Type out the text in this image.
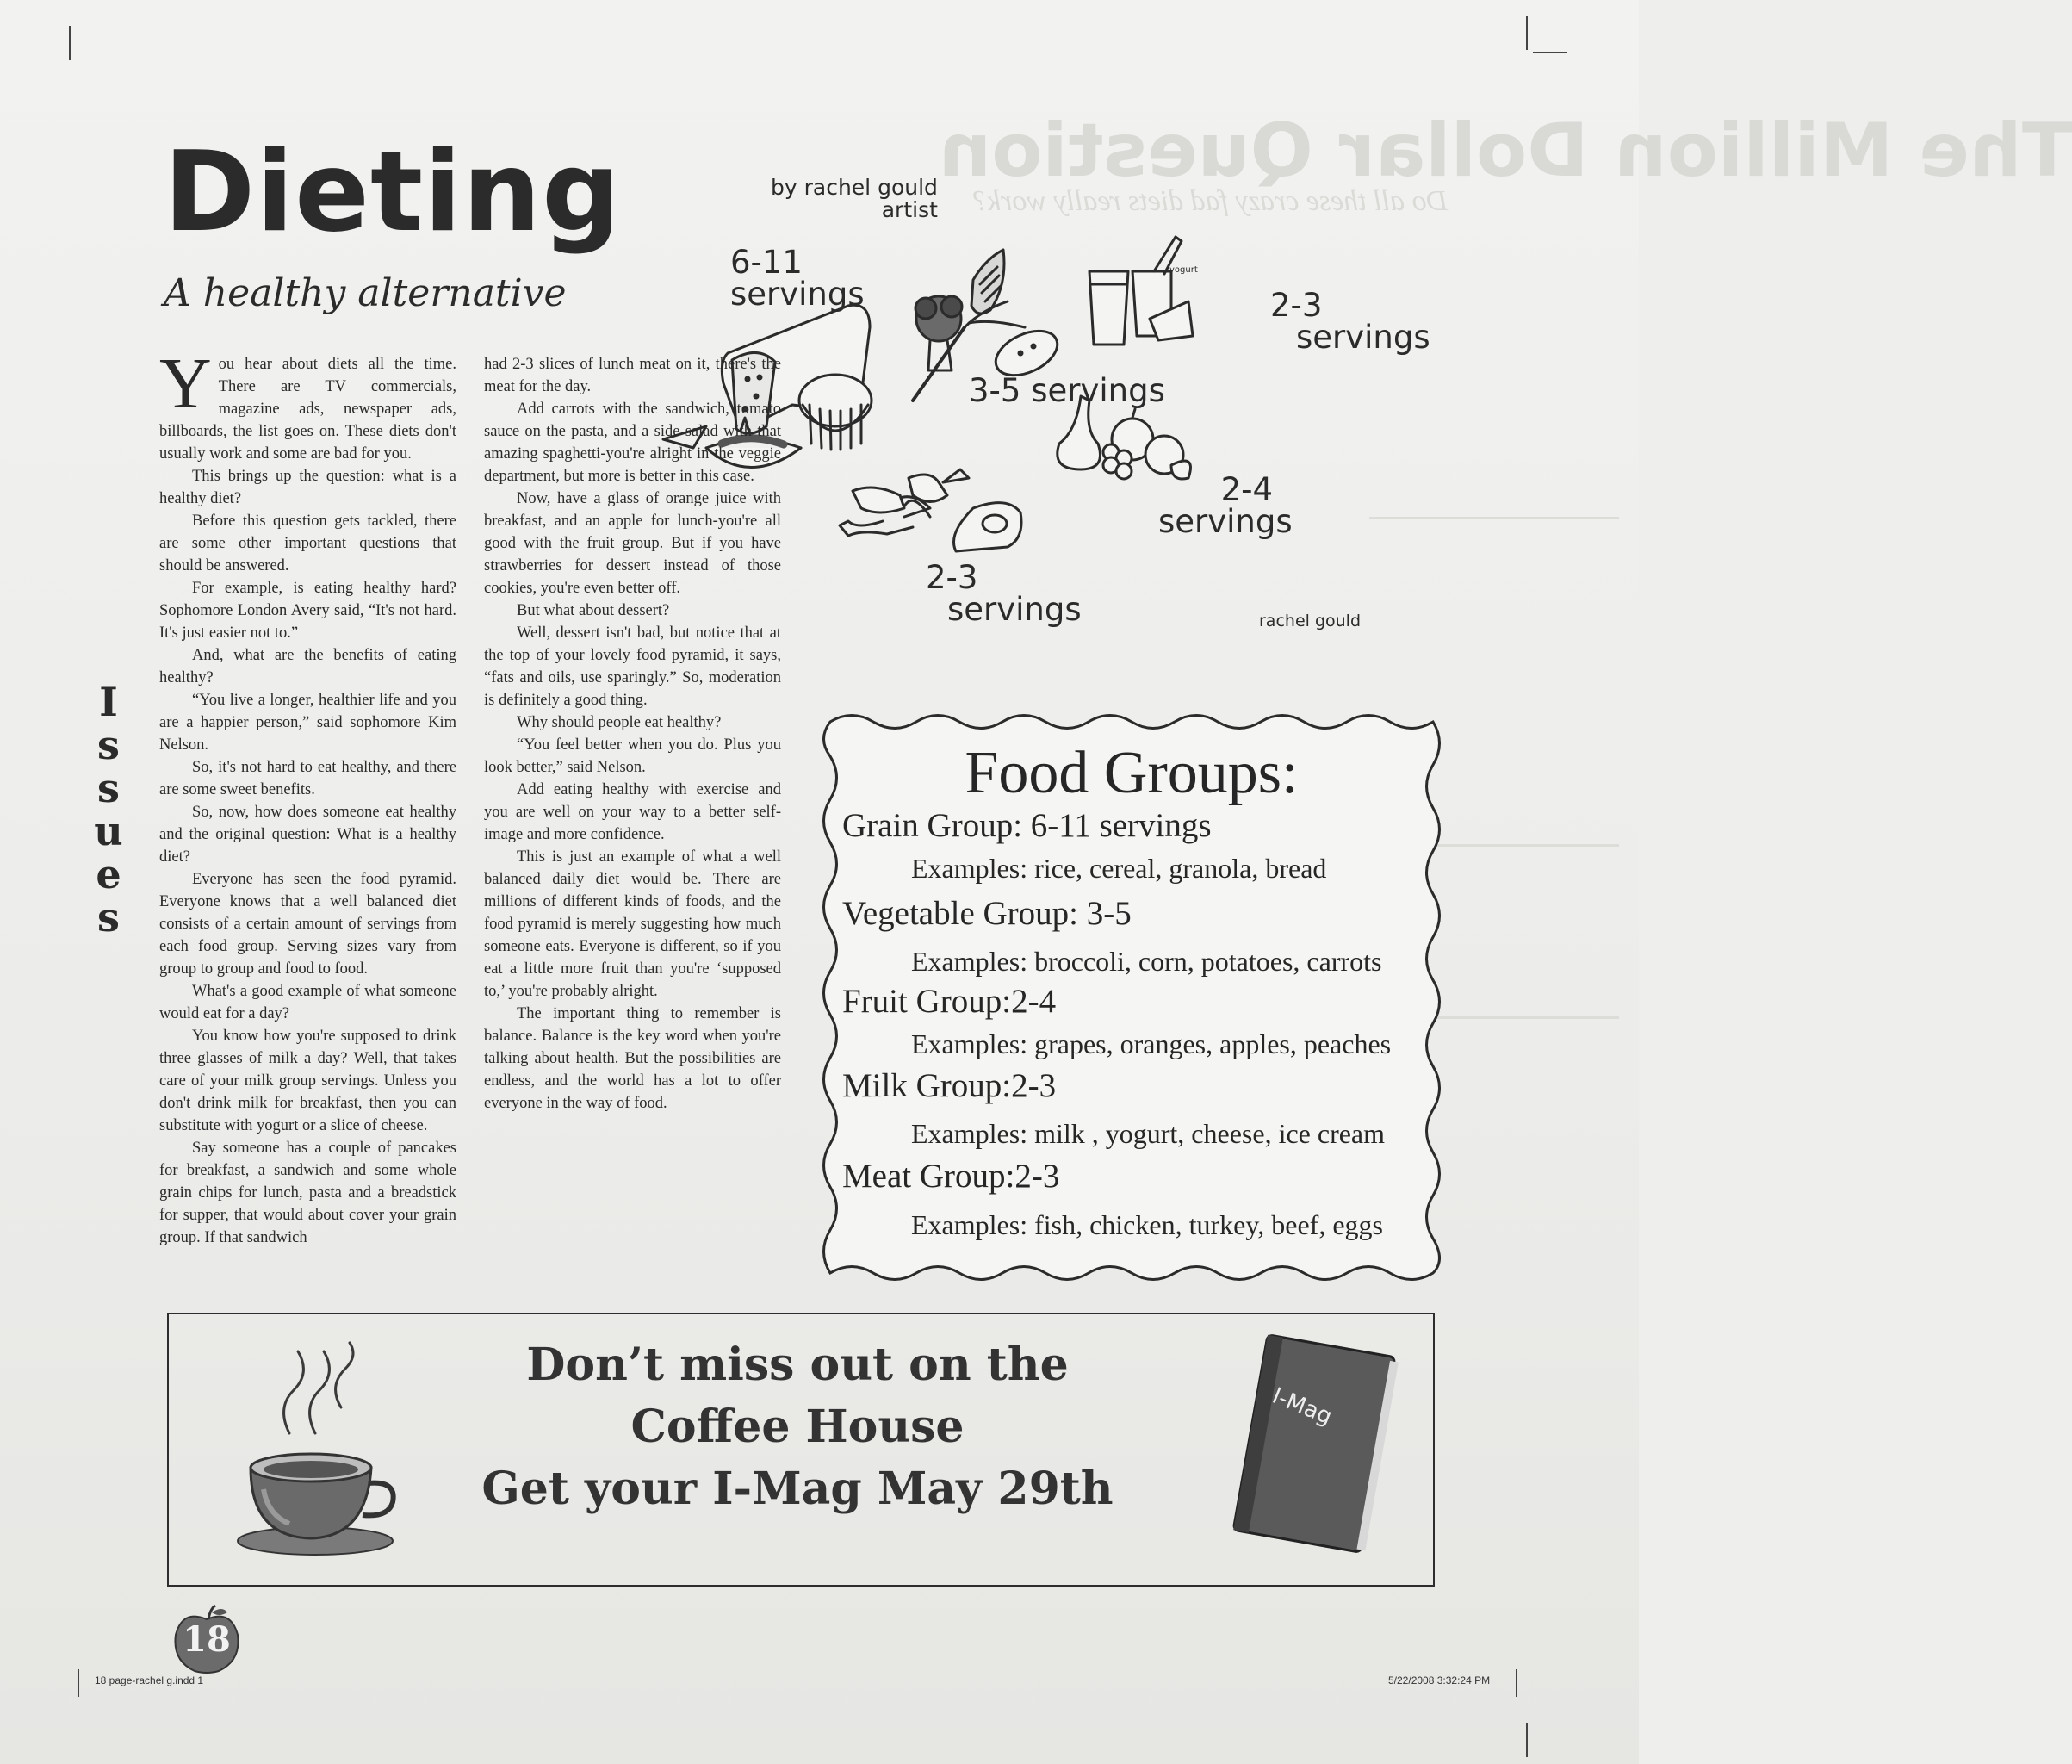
The Million Dollar Question
Do all these crazy fad diets really work?
Dieting
A healthy alternative
by rachel gould
artist
yogurt
6-11
servings
3-5 servings
2-3
servings
2-4
servings
2-3
servings
rachel gould

You hear about diets all the time. There are TV commercials, magazine ads, newspaper ads, billboards, the list goes on. These diets don't usually work and some are bad for you.

This brings up the question: what is a healthy diet?

Before this question gets tackled, there are some other important questions that should be answered.

For example, is eating healthy hard? Sophomore London Avery said, “It's not hard. It's just easier not to.”

And, what are the benefits of eating healthy?

“You live a longer, healthier life and you are a happier person,” said sophomore Kim Nelson.

So, it's not hard to eat healthy, and there are some sweet benefits.

So, now, how does someone eat healthy and the original question: What is a healthy diet?

Everyone has seen the food pyramid. Everyone knows that a well balanced diet consists of a certain amount of servings from each food group. Serving sizes vary from group to group and food to food.

What's a good example of what someone would eat for a day?

You know how you're supposed to drink three glasses of milk a day? Well, that takes care of your milk group servings. Unless you don't drink milk for breakfast, then you can substitute with yogurt or a slice of cheese.

Say someone has a couple of pancakes for breakfast, a sandwich and some whole grain chips for lunch, pasta and a breadstick for supper, that would about cover your grain group. If that sandwich

had 2-3 slices of lunch meat on it, there's the meat for the day.

Add carrots with the sandwich, tomato sauce on the pasta, and a side salad with that amazing spaghetti-you're alright in the veggie department, but more is better in this case.

Now, have a glass of orange juice with breakfast, and an apple for lunch-you're all good with the fruit group. But if you have strawberries for dessert instead of those cookies, you're even better off.

But what about dessert?

Well, dessert isn't bad, but notice that at the top of your lovely food pyramid, it says, “fats and oils, use sparingly.” So, moderation is definitely a good thing.

Why should people eat healthy?

“You feel better when you do. Plus you look better,” said Nelson.

Add eating healthy with exercise and you are well on your way to a better self-image and more confidence.

This is just an example of what a well balanced daily diet would be. There are millions of different kinds of foods, and the food pyramid is merely suggesting how much someone eats. Everyone is different, so if you eat a little more fruit than you're ‘supposed to,’ you're probably alright.

The important thing to remember is balance. Balance is the key word when you're talking about health. But the possibilities are endless, and the world has a lot to offer everyone in the way of food.

I
s
s
u
e
s
Food Groups:
Grain Group: 6-11 servings
Examples: rice, cereal, granola, bread
Vegetable Group: 3-5
Examples: broccoli, corn, potatoes, carrots
Fruit Group:2-4
Examples: grapes, oranges, apples, peaches
Milk Group:2-3
Examples: milk , yogurt, cheese, ice cream
Meat Group:2-3
Examples: fish, chicken, turkey, beef, eggs
Don’t miss out on the
Coffee House
Get your I-Mag May 29th
I-Mag
18
18 page-rachel g.indd 1	5/22/2008 3:32:24 PM
